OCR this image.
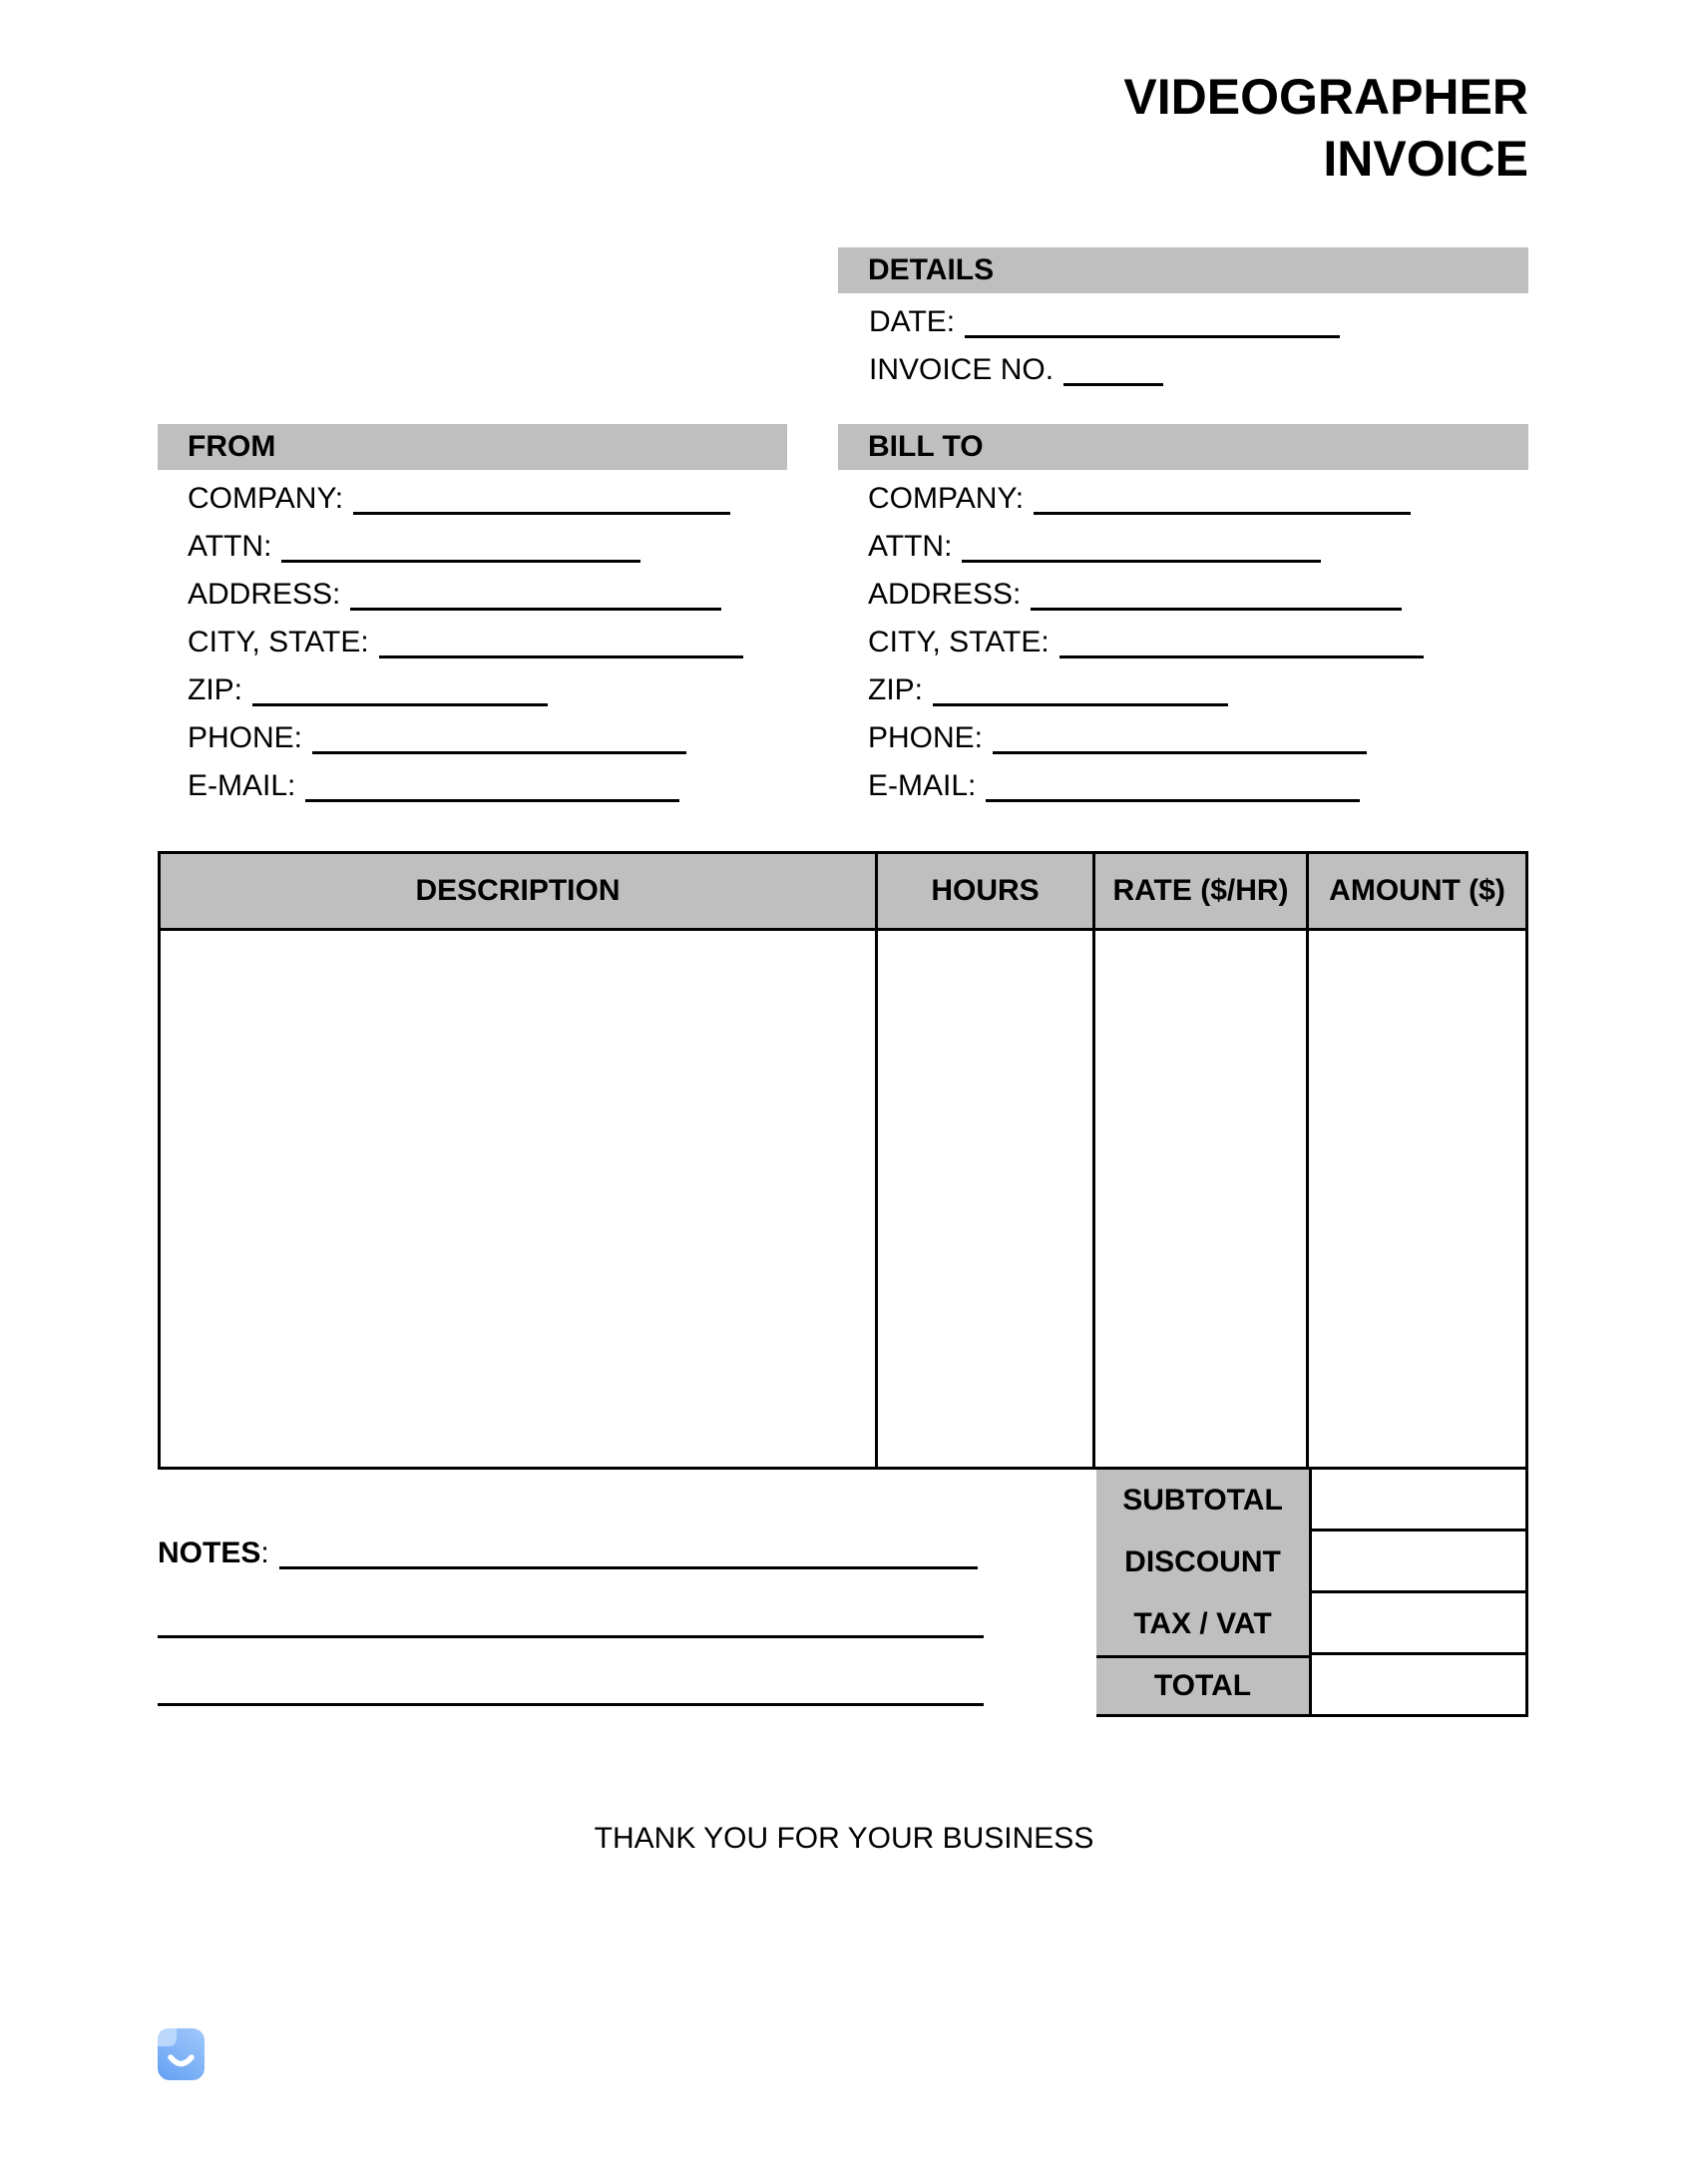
VIDEOGRAPHER
INVOICE
DETAILS
DATE:
INVOICE NO.
FROM
COMPANY:
ATTN:
ADDRESS:
CITY, STATE:
ZIP:
PHONE:
E-MAIL:
BILL TO
COMPANY:
ATTN:
ADDRESS:
CITY, STATE:
ZIP:
PHONE:
E-MAIL:
DESCRIPTION	HOURS	RATE ($/HR)	AMOUNT ($)
SUBTOTAL
DISCOUNT
TAX / VAT
TOTAL
NOTES :
THANK YOU FOR YOUR BUSINESS
